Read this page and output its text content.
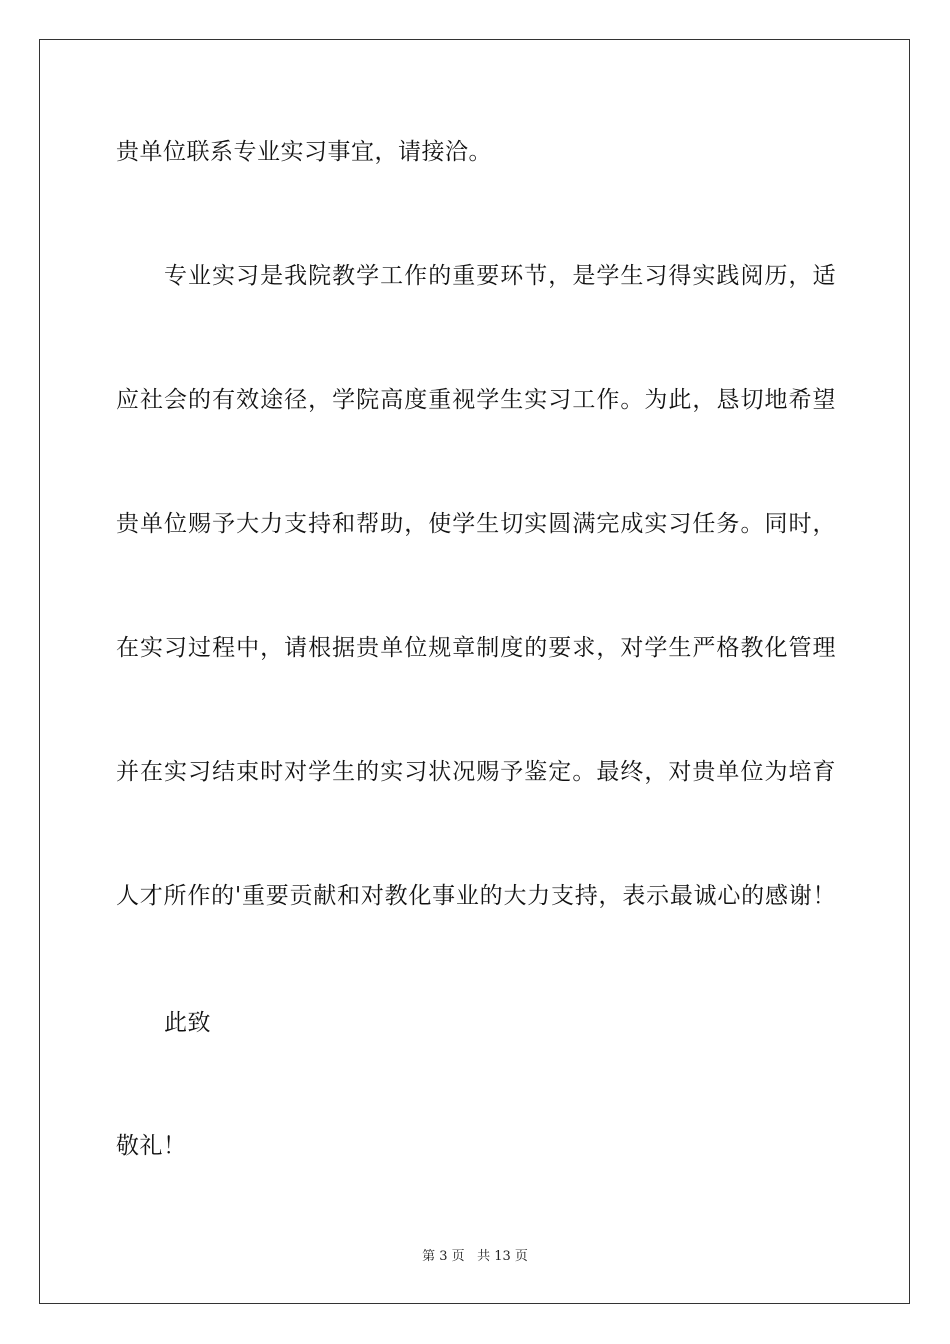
贵单位联系专业实习事宜，请接洽。
专业实习是我院教学工作的重要环节，是学生习得实践阅历，适
应社会的有效途径，学院高度重视学生实习工作。为此，恳切地希望
贵单位赐予大力支持和帮助，使学生切实圆满完成实习任务。同时，
在实习过程中，请根据贵单位规章制度的要求，对学生严格教化管理
并在实习结束时对学生的实习状况赐予鉴定。最终，对贵单位为培育
人才所作的'重要贡献和对教化事业的大力支持，表示最诚心的感谢！
此致
敬礼！
第 3 页 共 13 页
